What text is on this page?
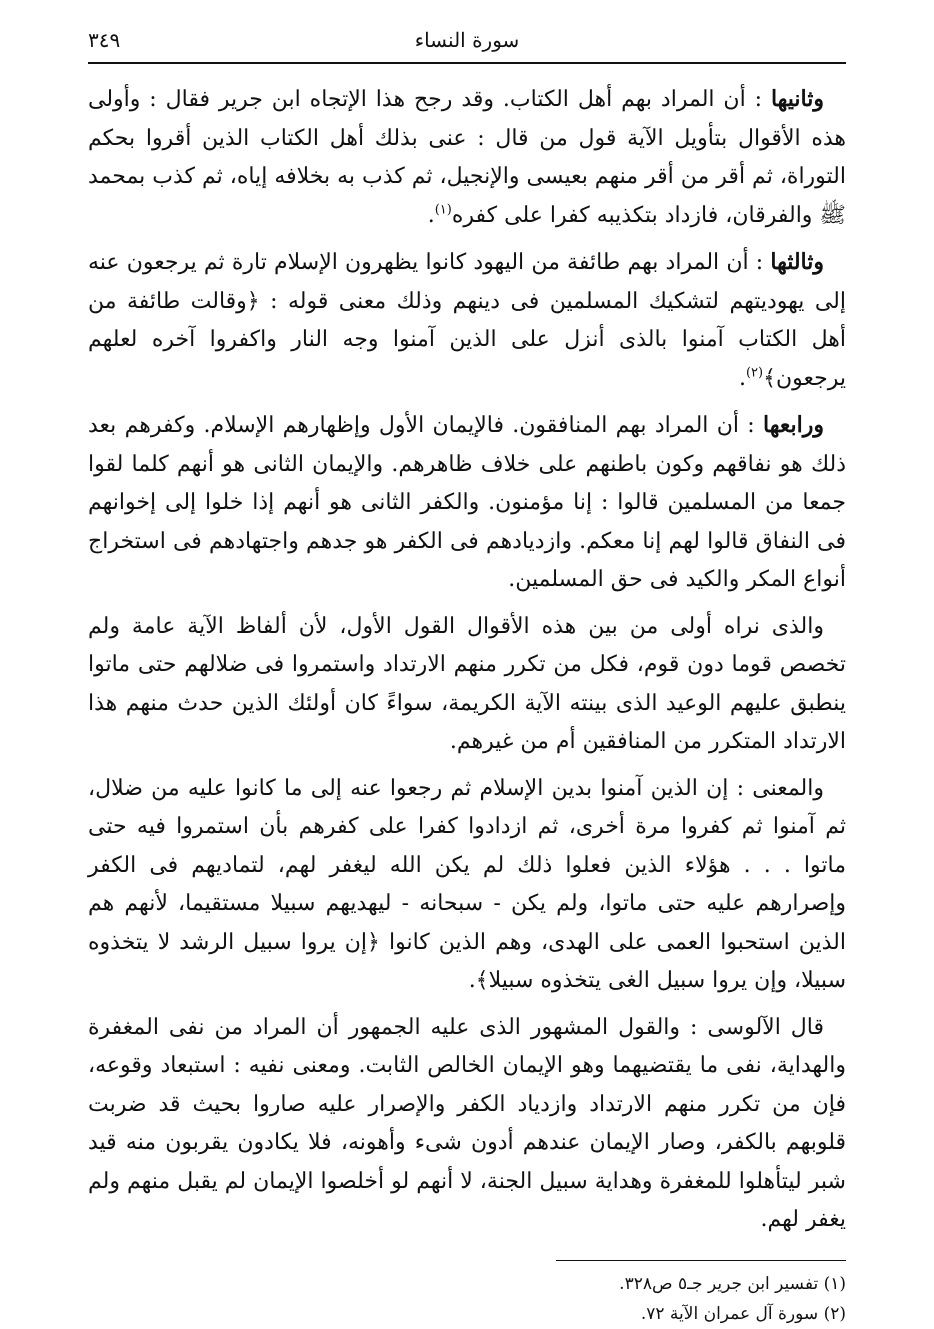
سورة النساء
٣٤٩

وثانيها : أن المراد بهم أهل الكتاب. وقد رجح هذا الإتجاه ابن جرير فقال : وأولى هذه الأقوال بتأويل الآية قول من قال : عنى بذلك أهل الكتاب الذين أقروا بحكم التوراة، ثم أقر من أقر منهم بعيسى والإنجيل، ثم كذب به بخلافه إياه، ثم كذب بمحمد ﷺ والفرقان، فازداد بتكذيبه كفرا على كفره$^{(١)}$.

وثالثها : أن المراد بهم طائفة من اليهود كانوا يظهرون الإسلام تارة ثم يرجعون عنه إلى يهوديتهم لتشكيك المسلمين فى دينهم وذلك معنى قوله : ﴿وقالت طائفة من أهل الكتاب آمنوا بالذى أنزل على الذين آمنوا وجه النار واكفروا آخره لعلهم يرجعون﴾$^{(٢)}$.

ورابعها : أن المراد بهم المنافقون. فالإيمان الأول وإظهارهم الإسلام. وكفرهم بعد ذلك هو نفاقهم وكون باطنهم على خلاف ظاهرهم. والإيمان الثانى هو أنهم كلما لقوا جمعا من المسلمين قالوا : إنا مؤمنون. والكفر الثانى هو أنهم إذا خلوا إلى إخوانهم فى النفاق قالوا لهم إنا معكم. وازديادهم فى الكفر هو جدهم واجتهادهم فى استخراج أنواع المكر والكيد فى حق المسلمين.

والذى نراه أولى من بين هذه الأقوال القول الأول، لأن ألفاظ الآية عامة ولم تخصص قوما دون قوم، فكل من تكرر منهم الارتداد واستمروا فى ضلالهم حتى ماتوا ينطبق عليهم الوعيد الذى بينته الآية الكريمة، سواءً كان أولئك الذين حدث منهم هذا الارتداد المتكرر من المنافقين أم من غيرهم.

والمعنى : إن الذين آمنوا بدين الإسلام ثم رجعوا عنه إلى ما كانوا عليه من ضلال، ثم آمنوا ثم كفروا مرة أخرى، ثم ازدادوا كفرا على كفرهم بأن استمروا فيه حتى ماتوا . . . هؤلاء الذين فعلوا ذلك لم يكن الله ليغفر لهم، لتماديهم فى الكفر وإصرارهم عليه حتى ماتوا، ولم يكن - سبحانه - ليهديهم سبيلا مستقيما، لأنهم هم الذين استحبوا العمى على الهدى، وهم الذين كانوا ﴿إن يروا سبيل الرشد لا يتخذوه سبيلا، وإن يروا سبيل الغى يتخذوه سبيلا﴾.

قال الآلوسى : والقول المشهور الذى عليه الجمهور أن المراد من نفى المغفرة والهداية، نفى ما يقتضيهما وهو الإيمان الخالص الثابت. ومعنى نفيه : استبعاد وقوعه، فإن من تكرر منهم الارتداد وازدياد الكفر والإصرار عليه صاروا بحيث قد ضربت قلوبهم بالكفر، وصار الإيمان عندهم أدون شىء وأهونه، فلا يكادون يقربون منه قيد شبر ليتأهلوا للمغفرة وهداية سبيل الجنة، لا أنهم لو أخلصوا الإيمان لم يقبل منهم ولم يغفر لهم.

(١) تفسير ابن جرير جـ٥ ص٣٢٨.

(٢) سورة آل عمران الآية ٧٢.
